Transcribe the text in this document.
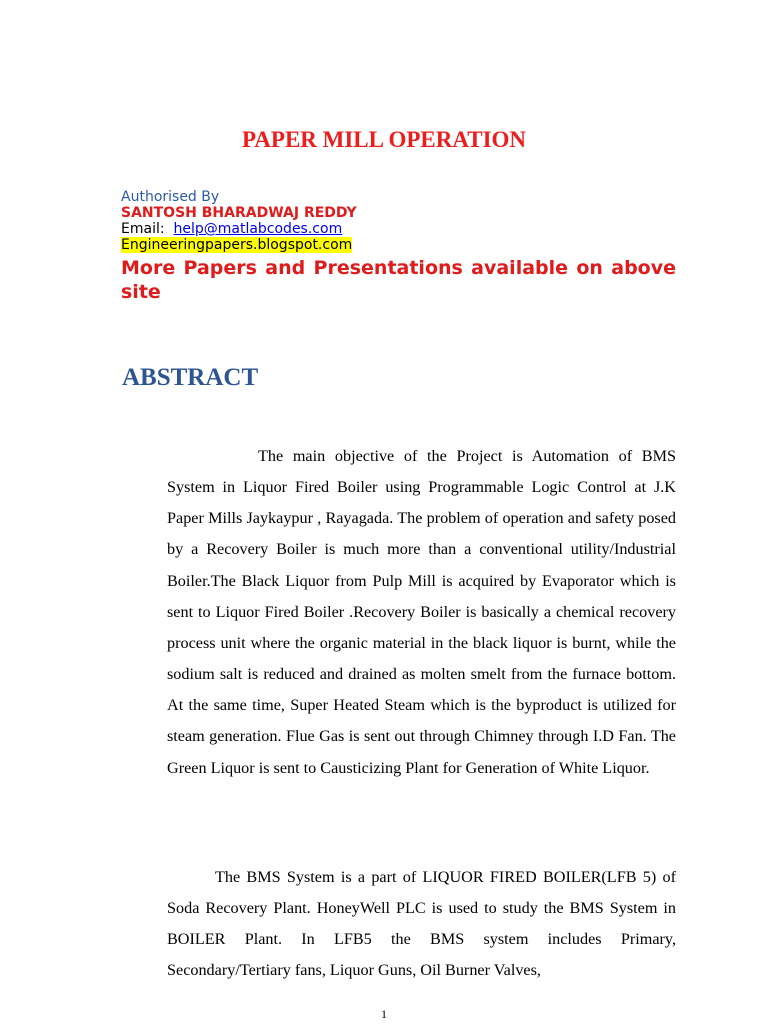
PAPER MILL OPERATION
Authorised By
SANTOSH BHARADWAJ REDDY
Email: help@matlabcodes.com
Engineeringpapers.blogspot.com
More Papers and Presentations available on above site
ABSTRACT
The main objective of the Project is Automation of BMS System in Liquor Fired Boiler using Programmable Logic Control at J.K Paper Mills Jaykaypur , Rayagada. The problem of operation and safety posed by a Recovery Boiler is much more than a conventional utility/Industrial Boiler.The Black Liquor from Pulp Mill is acquired by Evaporator which is sent to Liquor Fired Boiler .Recovery Boiler is basically a chemical recovery process unit where the organic material in the black liquor is burnt, while the sodium salt is reduced and drained as molten smelt from the furnace bottom. At the same time, Super Heated Steam which is the byproduct is utilized for steam generation. Flue Gas is sent out through Chimney through I.D Fan. The Green Liquor is sent to Causticizing Plant for Generation of White Liquor.
The BMS System is a part of LIQUOR FIRED BOILER(LFB 5) of Soda Recovery Plant. HoneyWell PLC is used to study the BMS System in BOILER Plant. In LFB5 the BMS system includes Primary, Secondary/Tertiary fans, Liquor Guns, Oil Burner Valves,
1
